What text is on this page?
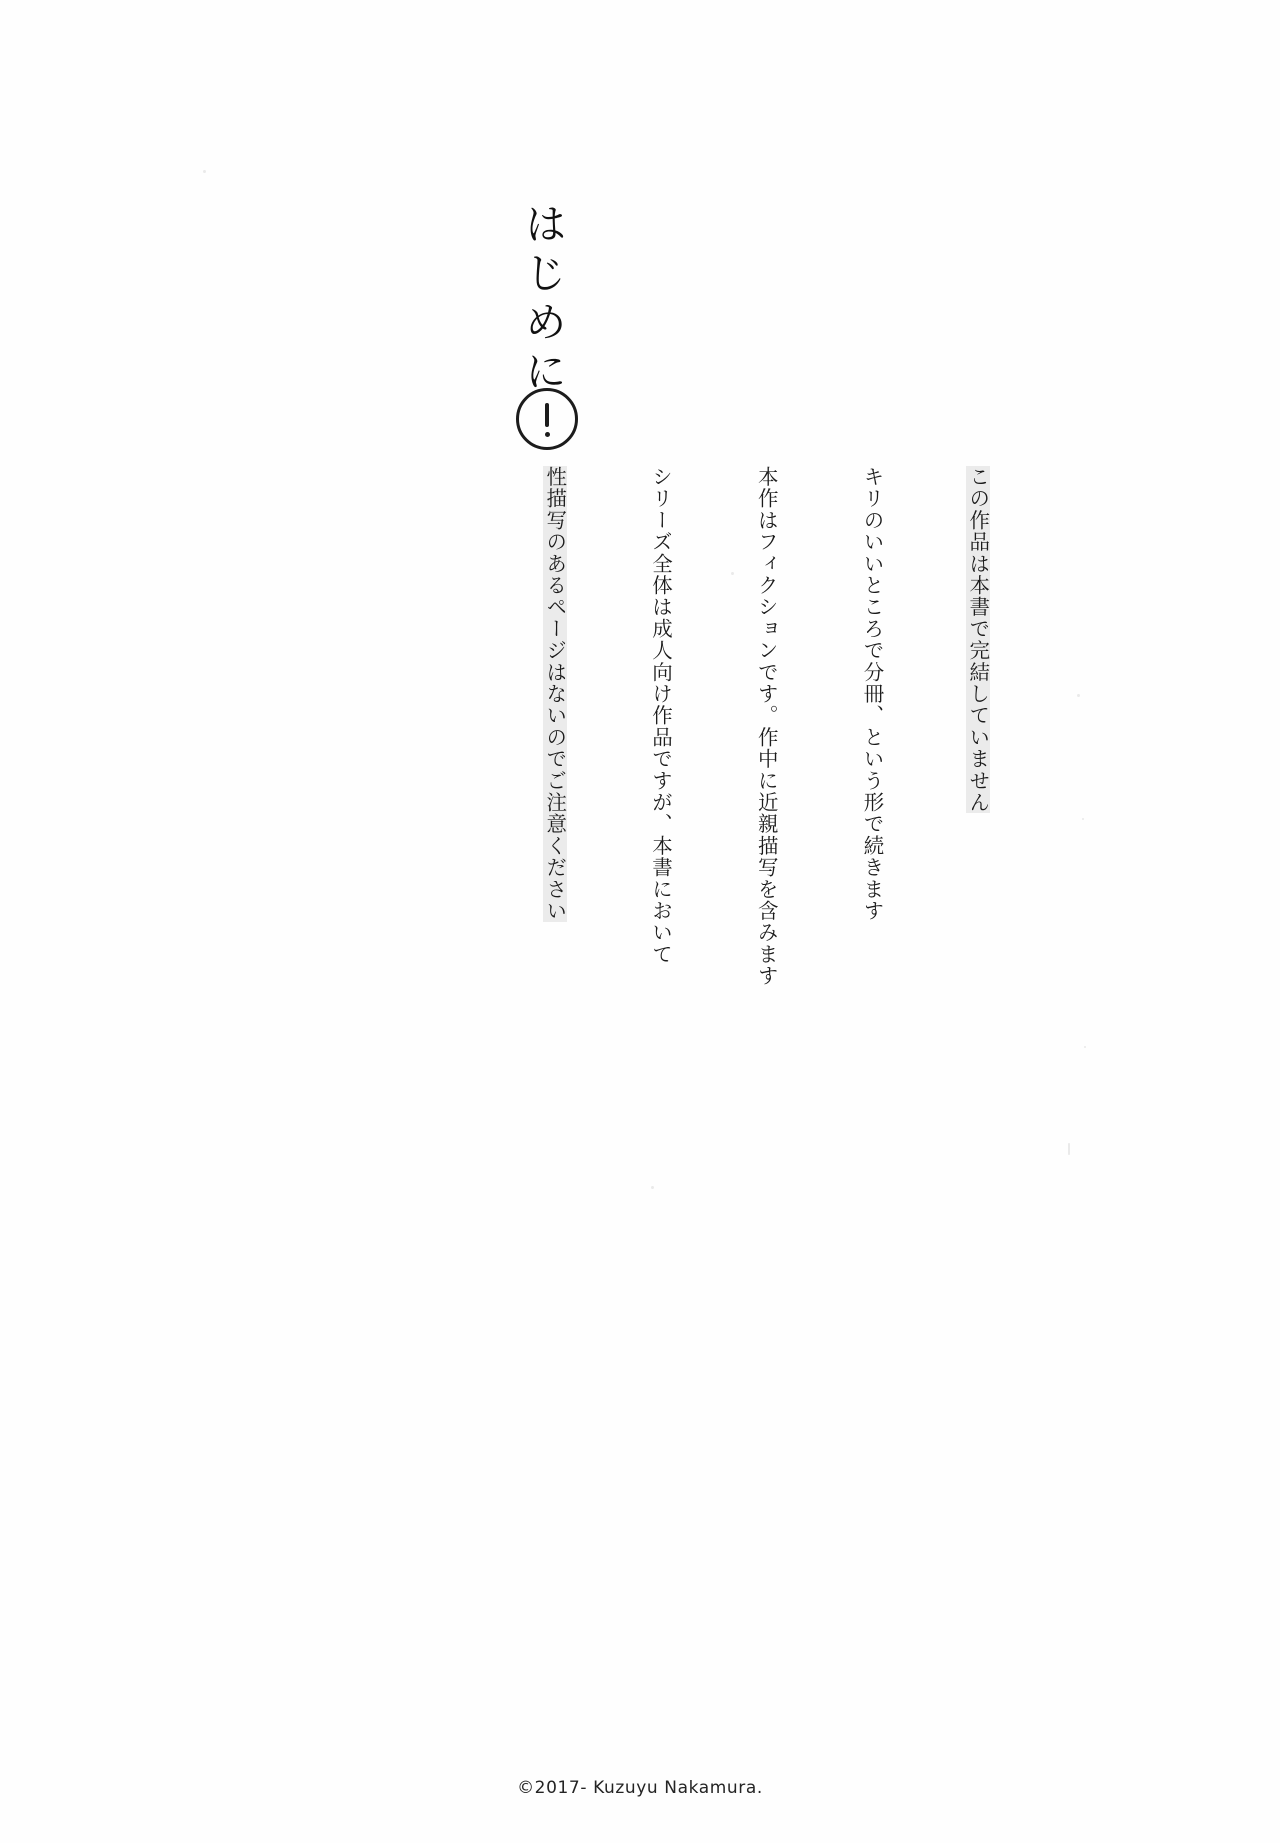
はじめに

この作品は本書で完結していません

キリのいいところで分冊、という形で続きます

本作はフィクションです。作中に近親描写を含みます

シリーズ全体は成人向け作品ですが、本書において

性描写のあるページはないのでご注意ください

©2017- Kuzuyu Nakamura.
